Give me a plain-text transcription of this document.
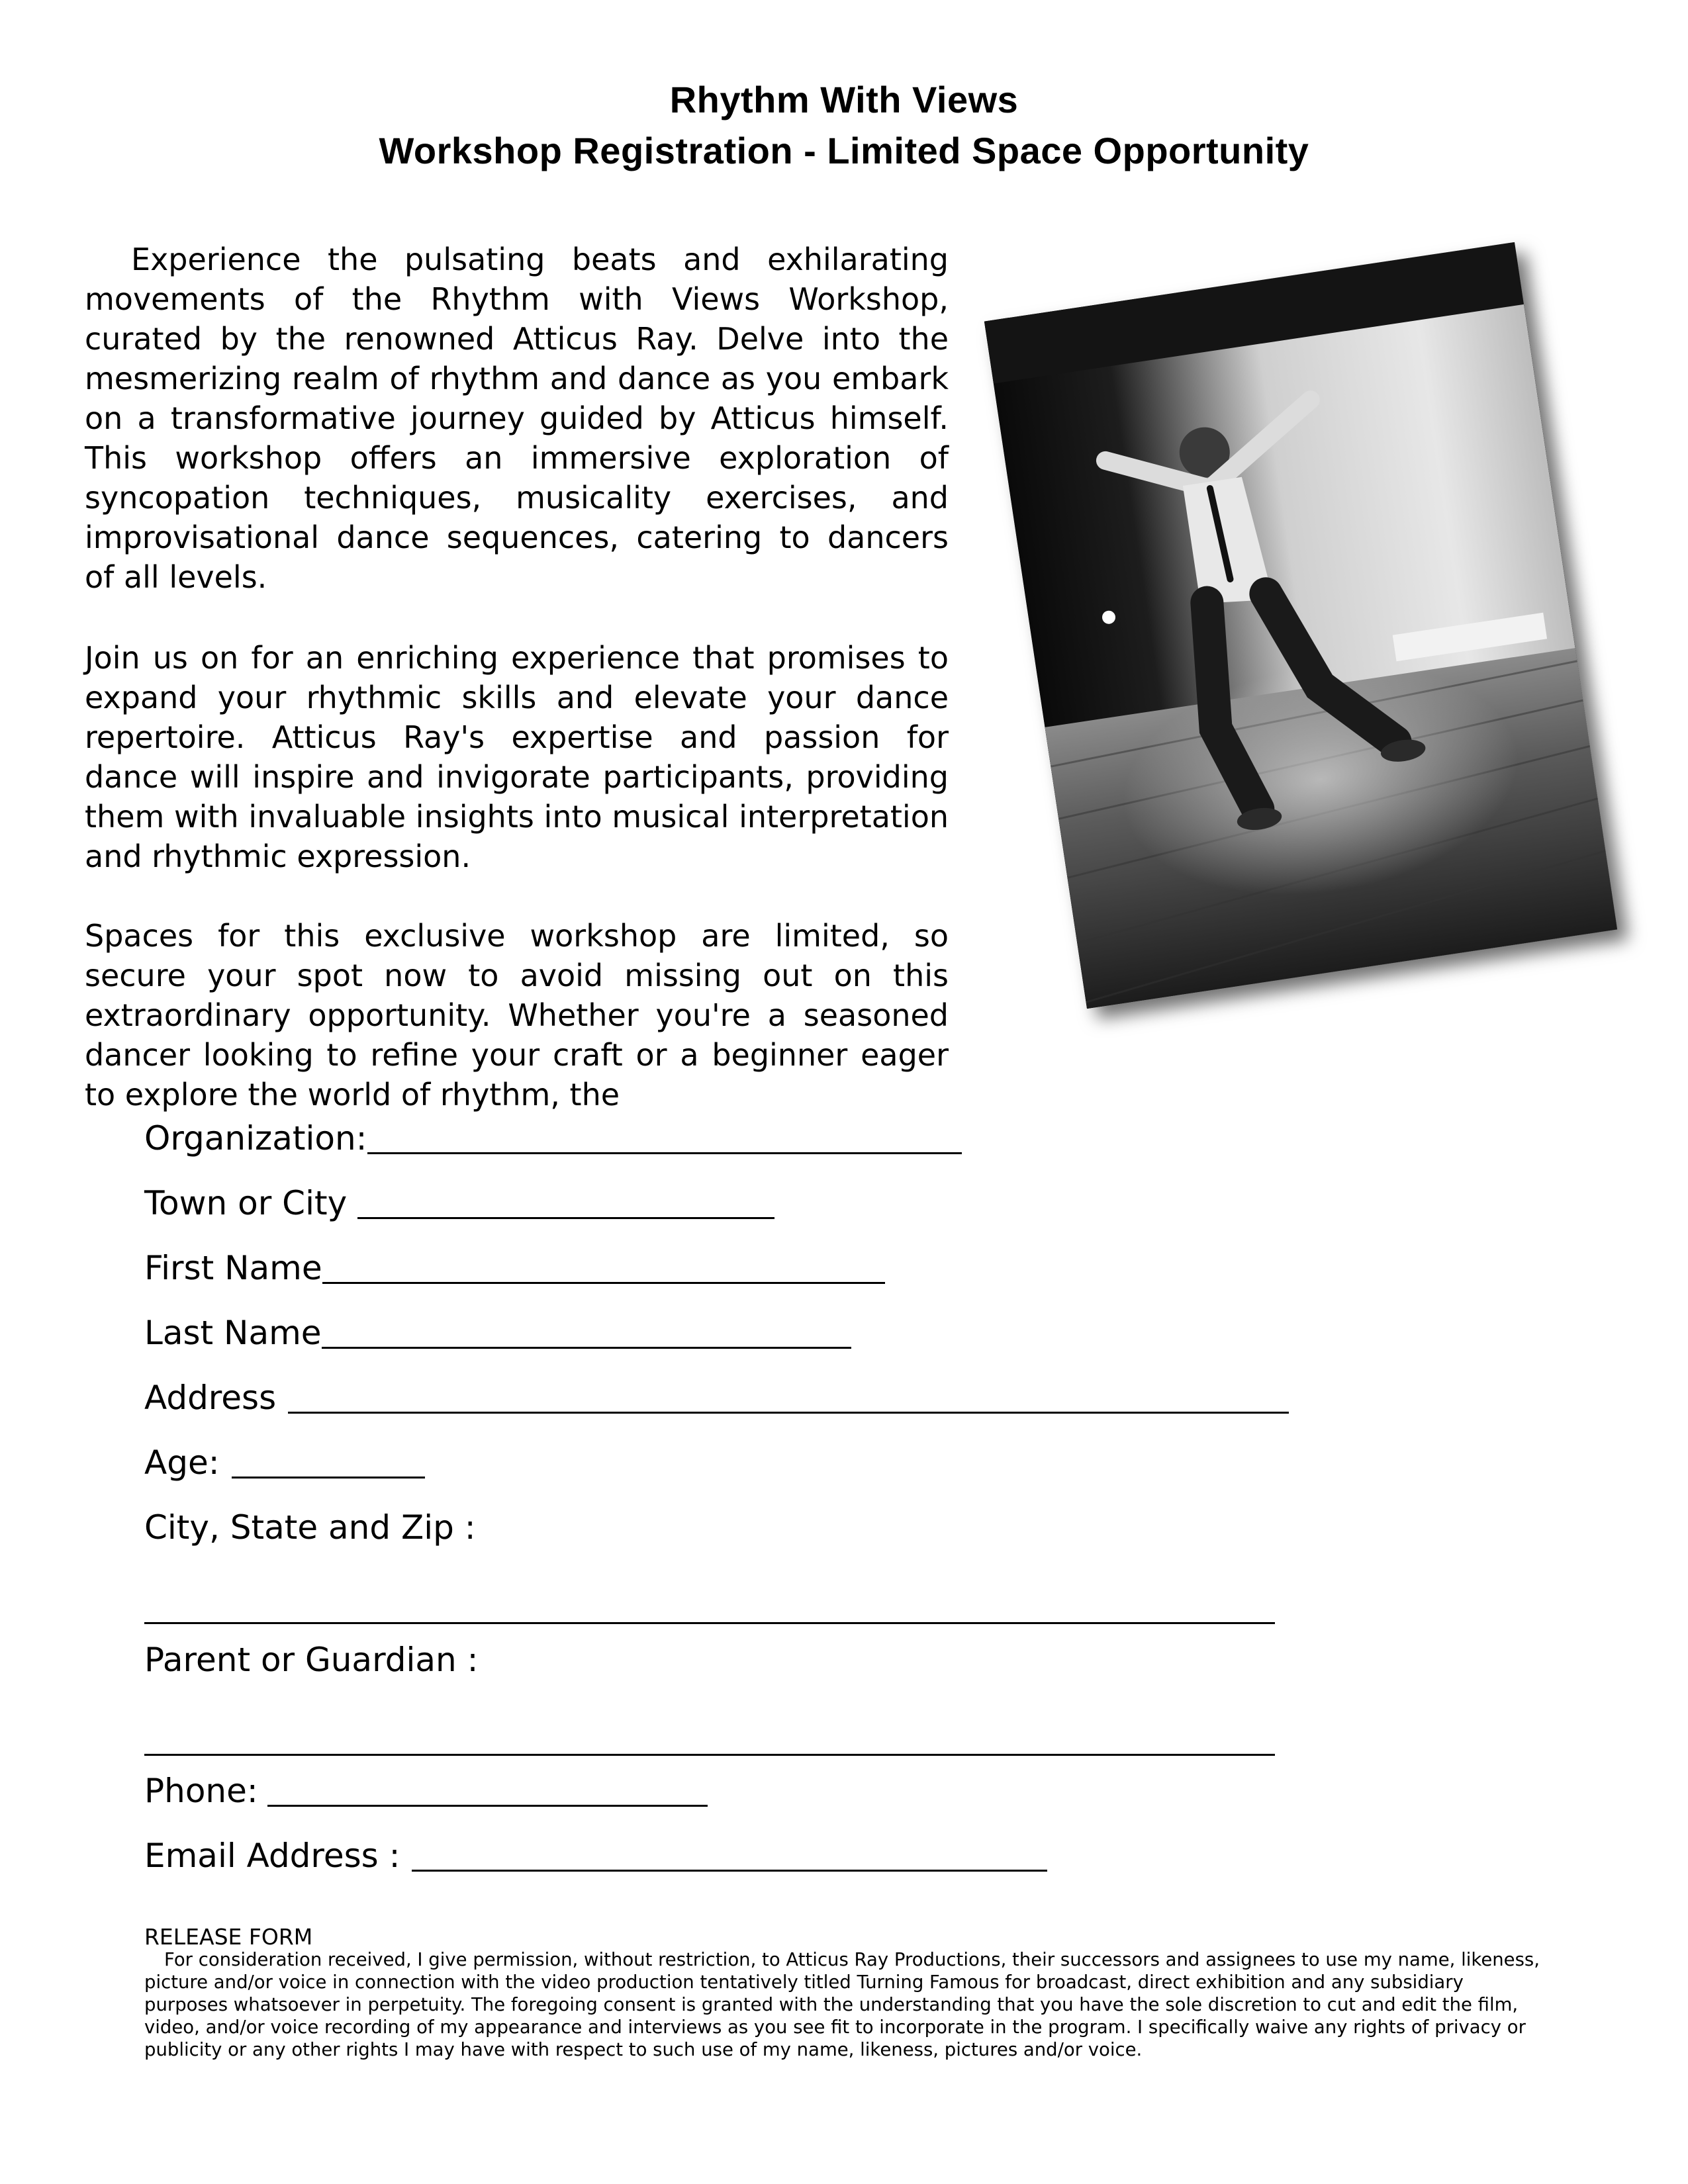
Rhythm With Views
Workshop Registration - Limited Space Opportunity

Experience the pulsating beats and exhilarating movements of the Rhythm with Views Workshop, curated by the renowned Atticus Ray. Delve into the mesmerizing realm of rhythm and dance as you embark on a transformative journey guided by Atticus himself. This workshop offers an immersive exploration of syncopation techniques, musicality exercises, and improvisational dance sequences, catering to dancers of all levels.

Join us on for an enriching experience that promises to expand your rhythmic skills and elevate your dance repertoire. Atticus Ray's expertise and passion for dance will inspire and invigorate participants, providing them with invaluable insights into musical interpretation and rhythmic expression.

Spaces for this exclusive workshop are limited, so secure your spot now to avoid missing out on this extraordinary opportunity. Whether you're a seasoned dancer looking to refine your craft or a beginner eager to explore the world of rhythm, the

Organization:
Town or City
First Name
Last Name
Address
Age:
City, State and Zip :
Parent or Guardian :
Phone:
Email Address :
RELEASE FORM

For consideration received, I give permission, without restriction, to Atticus Ray Productions, their successors and assignees to use my name, likeness, picture and/or voice in connection with the video production tentatively titled Turning Famous for broadcast, direct exhibition and any subsidiary purposes whatsoever in perpetuity. The foregoing consent is granted with the understanding that you have the sole discretion to cut and edit the film, video, and/or voice recording of my appearance and interviews as you see fit to incorporate in the program. I specifically waive any rights of privacy or publicity or any other rights I may have with respect to such use of my name, likeness, pictures and/or voice.
